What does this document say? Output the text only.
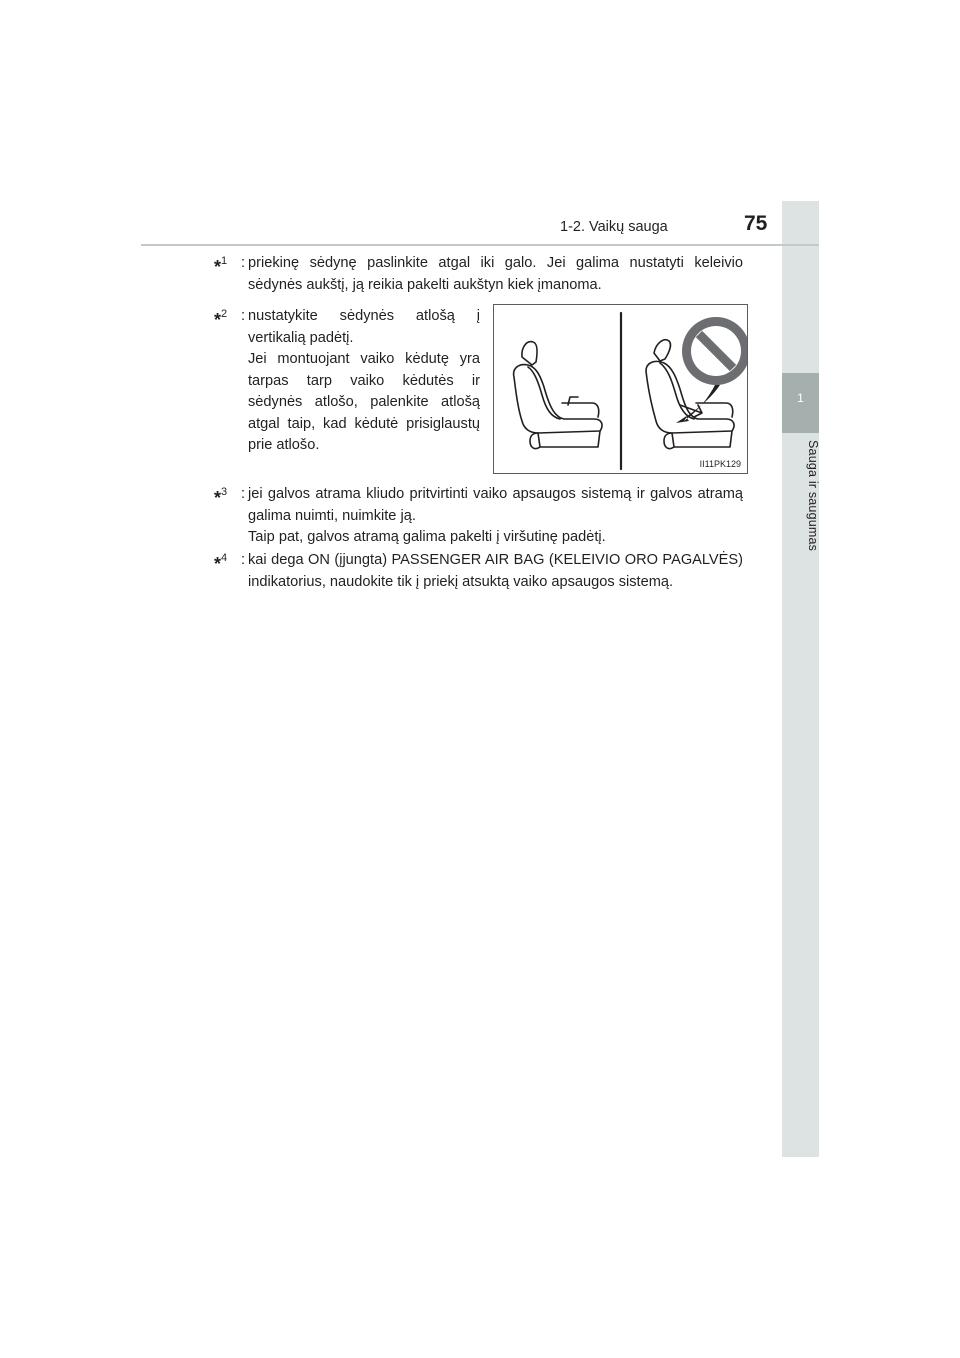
1
Sauga ir saugumas
1-2. Vaikų sauga	75
*$^1$ : priekinę sėdynę paslinkite atgal iki galo. Jei galima nustatyti keleivio sėdynės aukštį, ją reikia pakelti aukštyn kiek įmanoma.

*$^2$ : nustatykite sėdynės atlošą į vertikalią padėtį.

Jei montuojant vaiko kėdutę yra tarpas tarp vaiko kėdutės ir sėdynės atlošo, palenkite atlošą atgal taip, kad kėdutė prisiglaustų prie atlošo.

II11PK129
*$^3$ : jei galvos atrama kliudo pritvirtinti vaiko apsaugos sistemą ir galvos atramą galima nuimti, nuimkite ją.

Taip pat, galvos atramą galima pakelti į viršutinę padėtį.

*$^4$ : kai dega ON (įjungta) PASSENGER AIR BAG (KELEIVIO ORO PAGALVĖS) indikatorius, naudokite tik į priekį atsuktą vaiko apsaugos sistemą.
